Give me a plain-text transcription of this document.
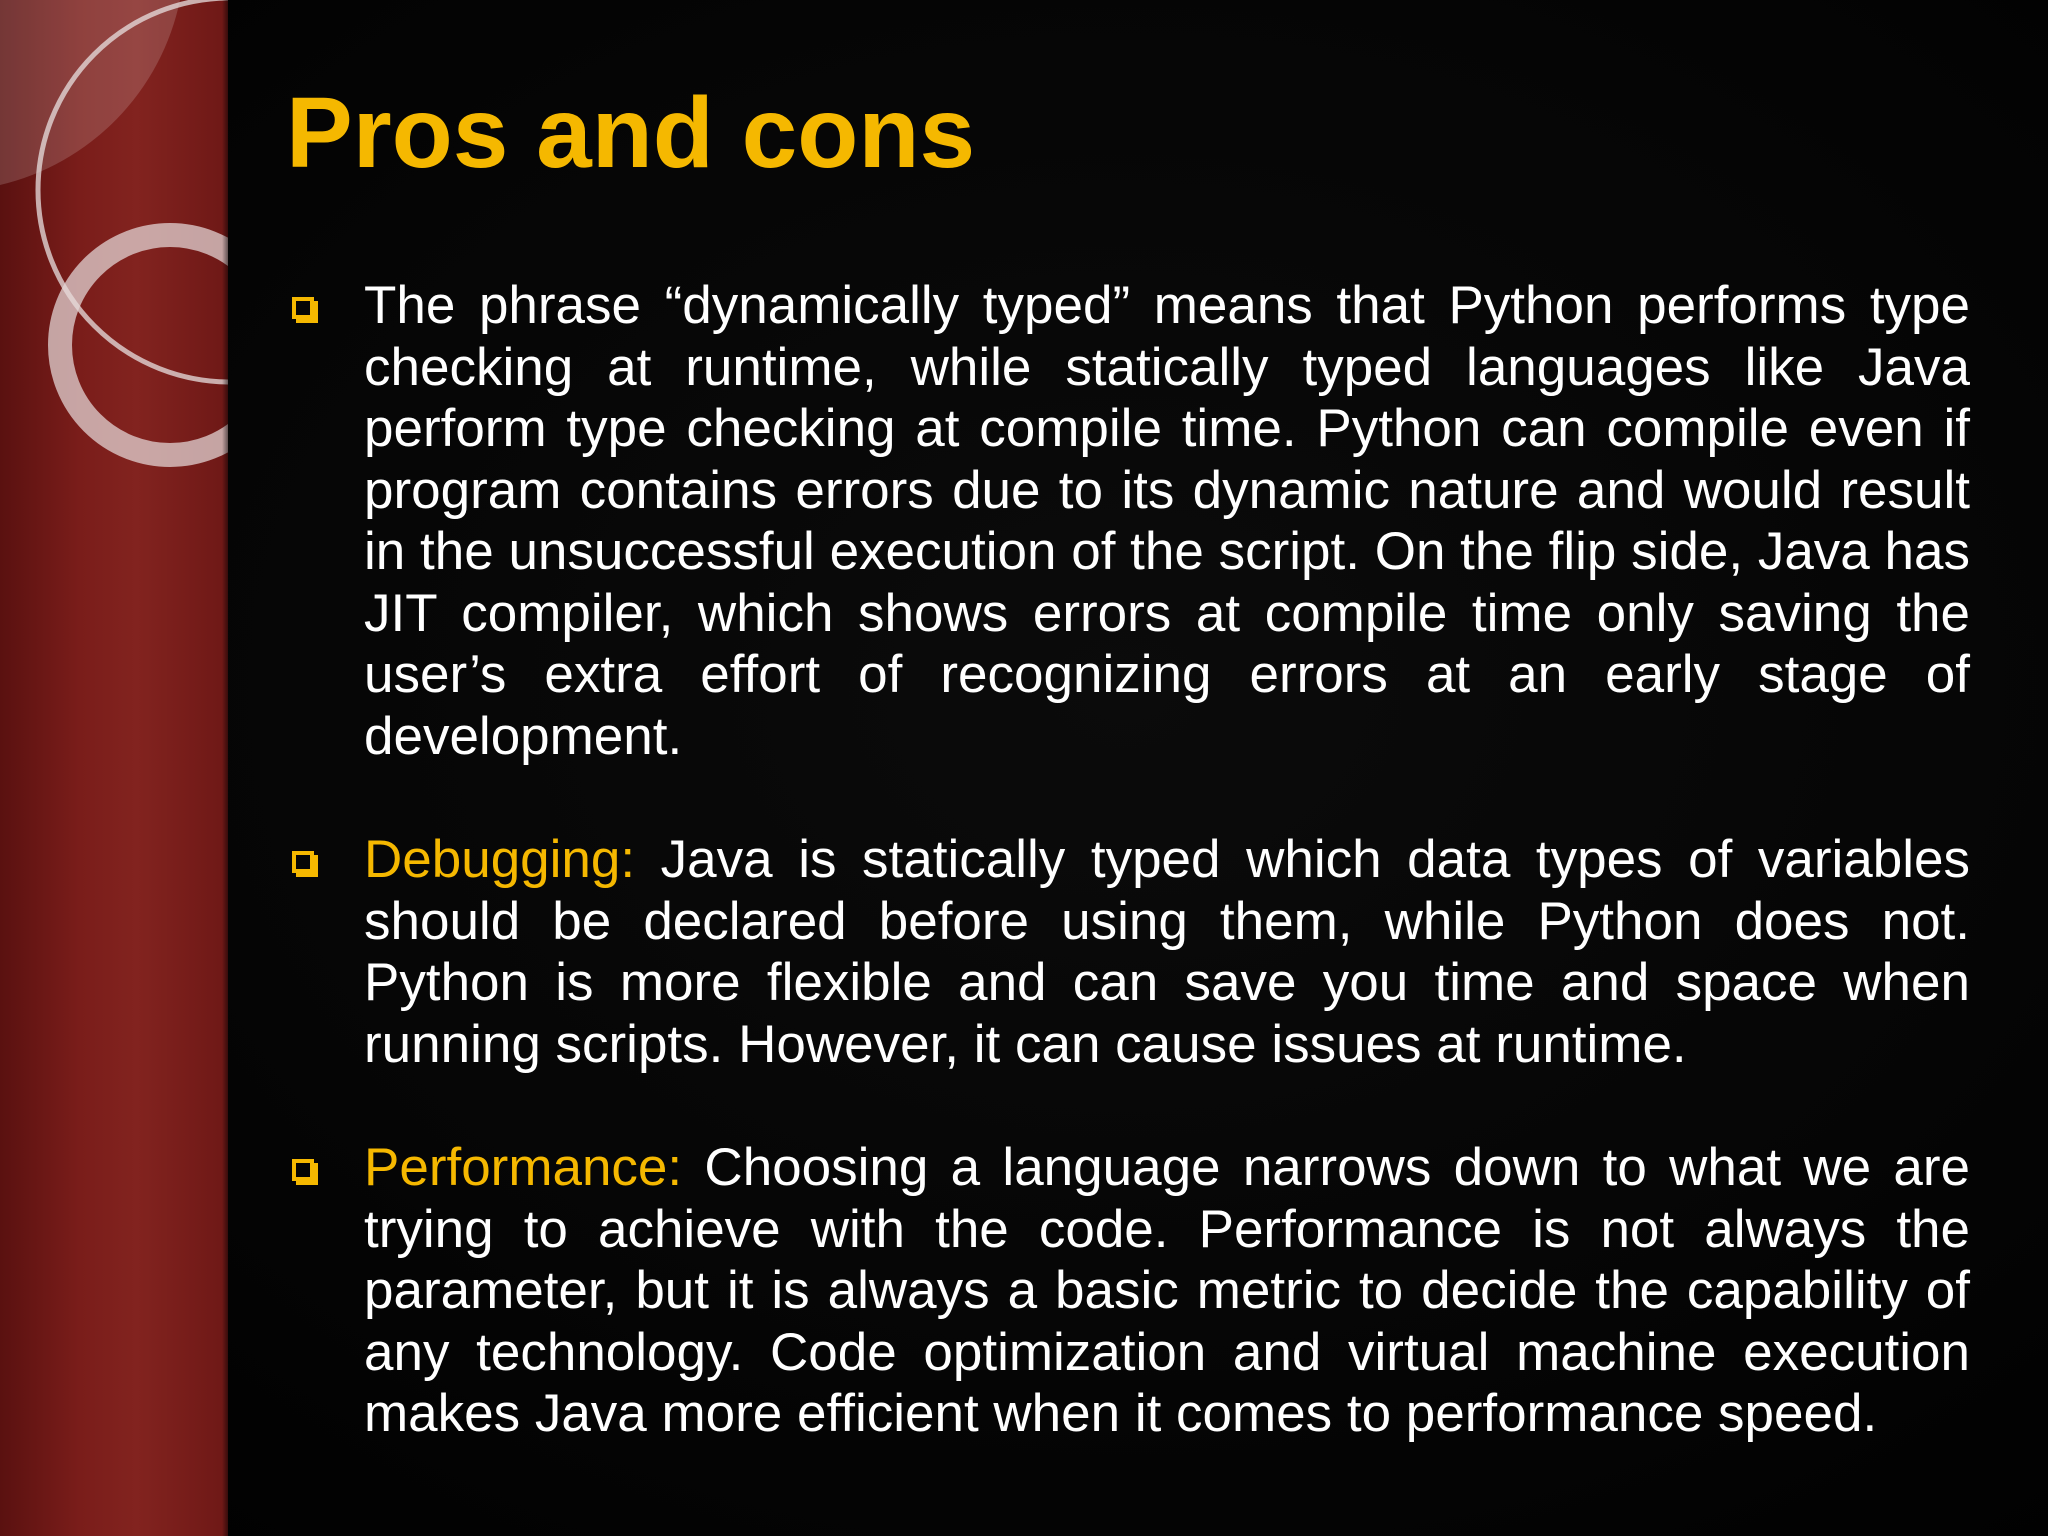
Pros and cons
The phrase “dynamically typed” means that Python performs type checking at runtime, while statically typed languages like Java perform type checking at compile time. Python can compile even if program contains errors due to its dynamic nature and would result in the unsuccessful execution of the script. On the flip side, Java has JIT compiler, which shows errors at compile time only saving the user’s extra effort of recognizing errors at an early stage of development.
Debugging: Java is statically typed which data types of variables should be declared before using them, while Python does not. Python is more flexible and can save you time and space when running scripts. However, it can cause issues at runtime.
Performance: Choosing a language narrows down to what we are trying to achieve with the code. Performance is not always the parameter, but it is always a basic metric to decide the capability of any technology. Code optimization and virtual machine execution makes Java more efficient when it comes to performance speed.
